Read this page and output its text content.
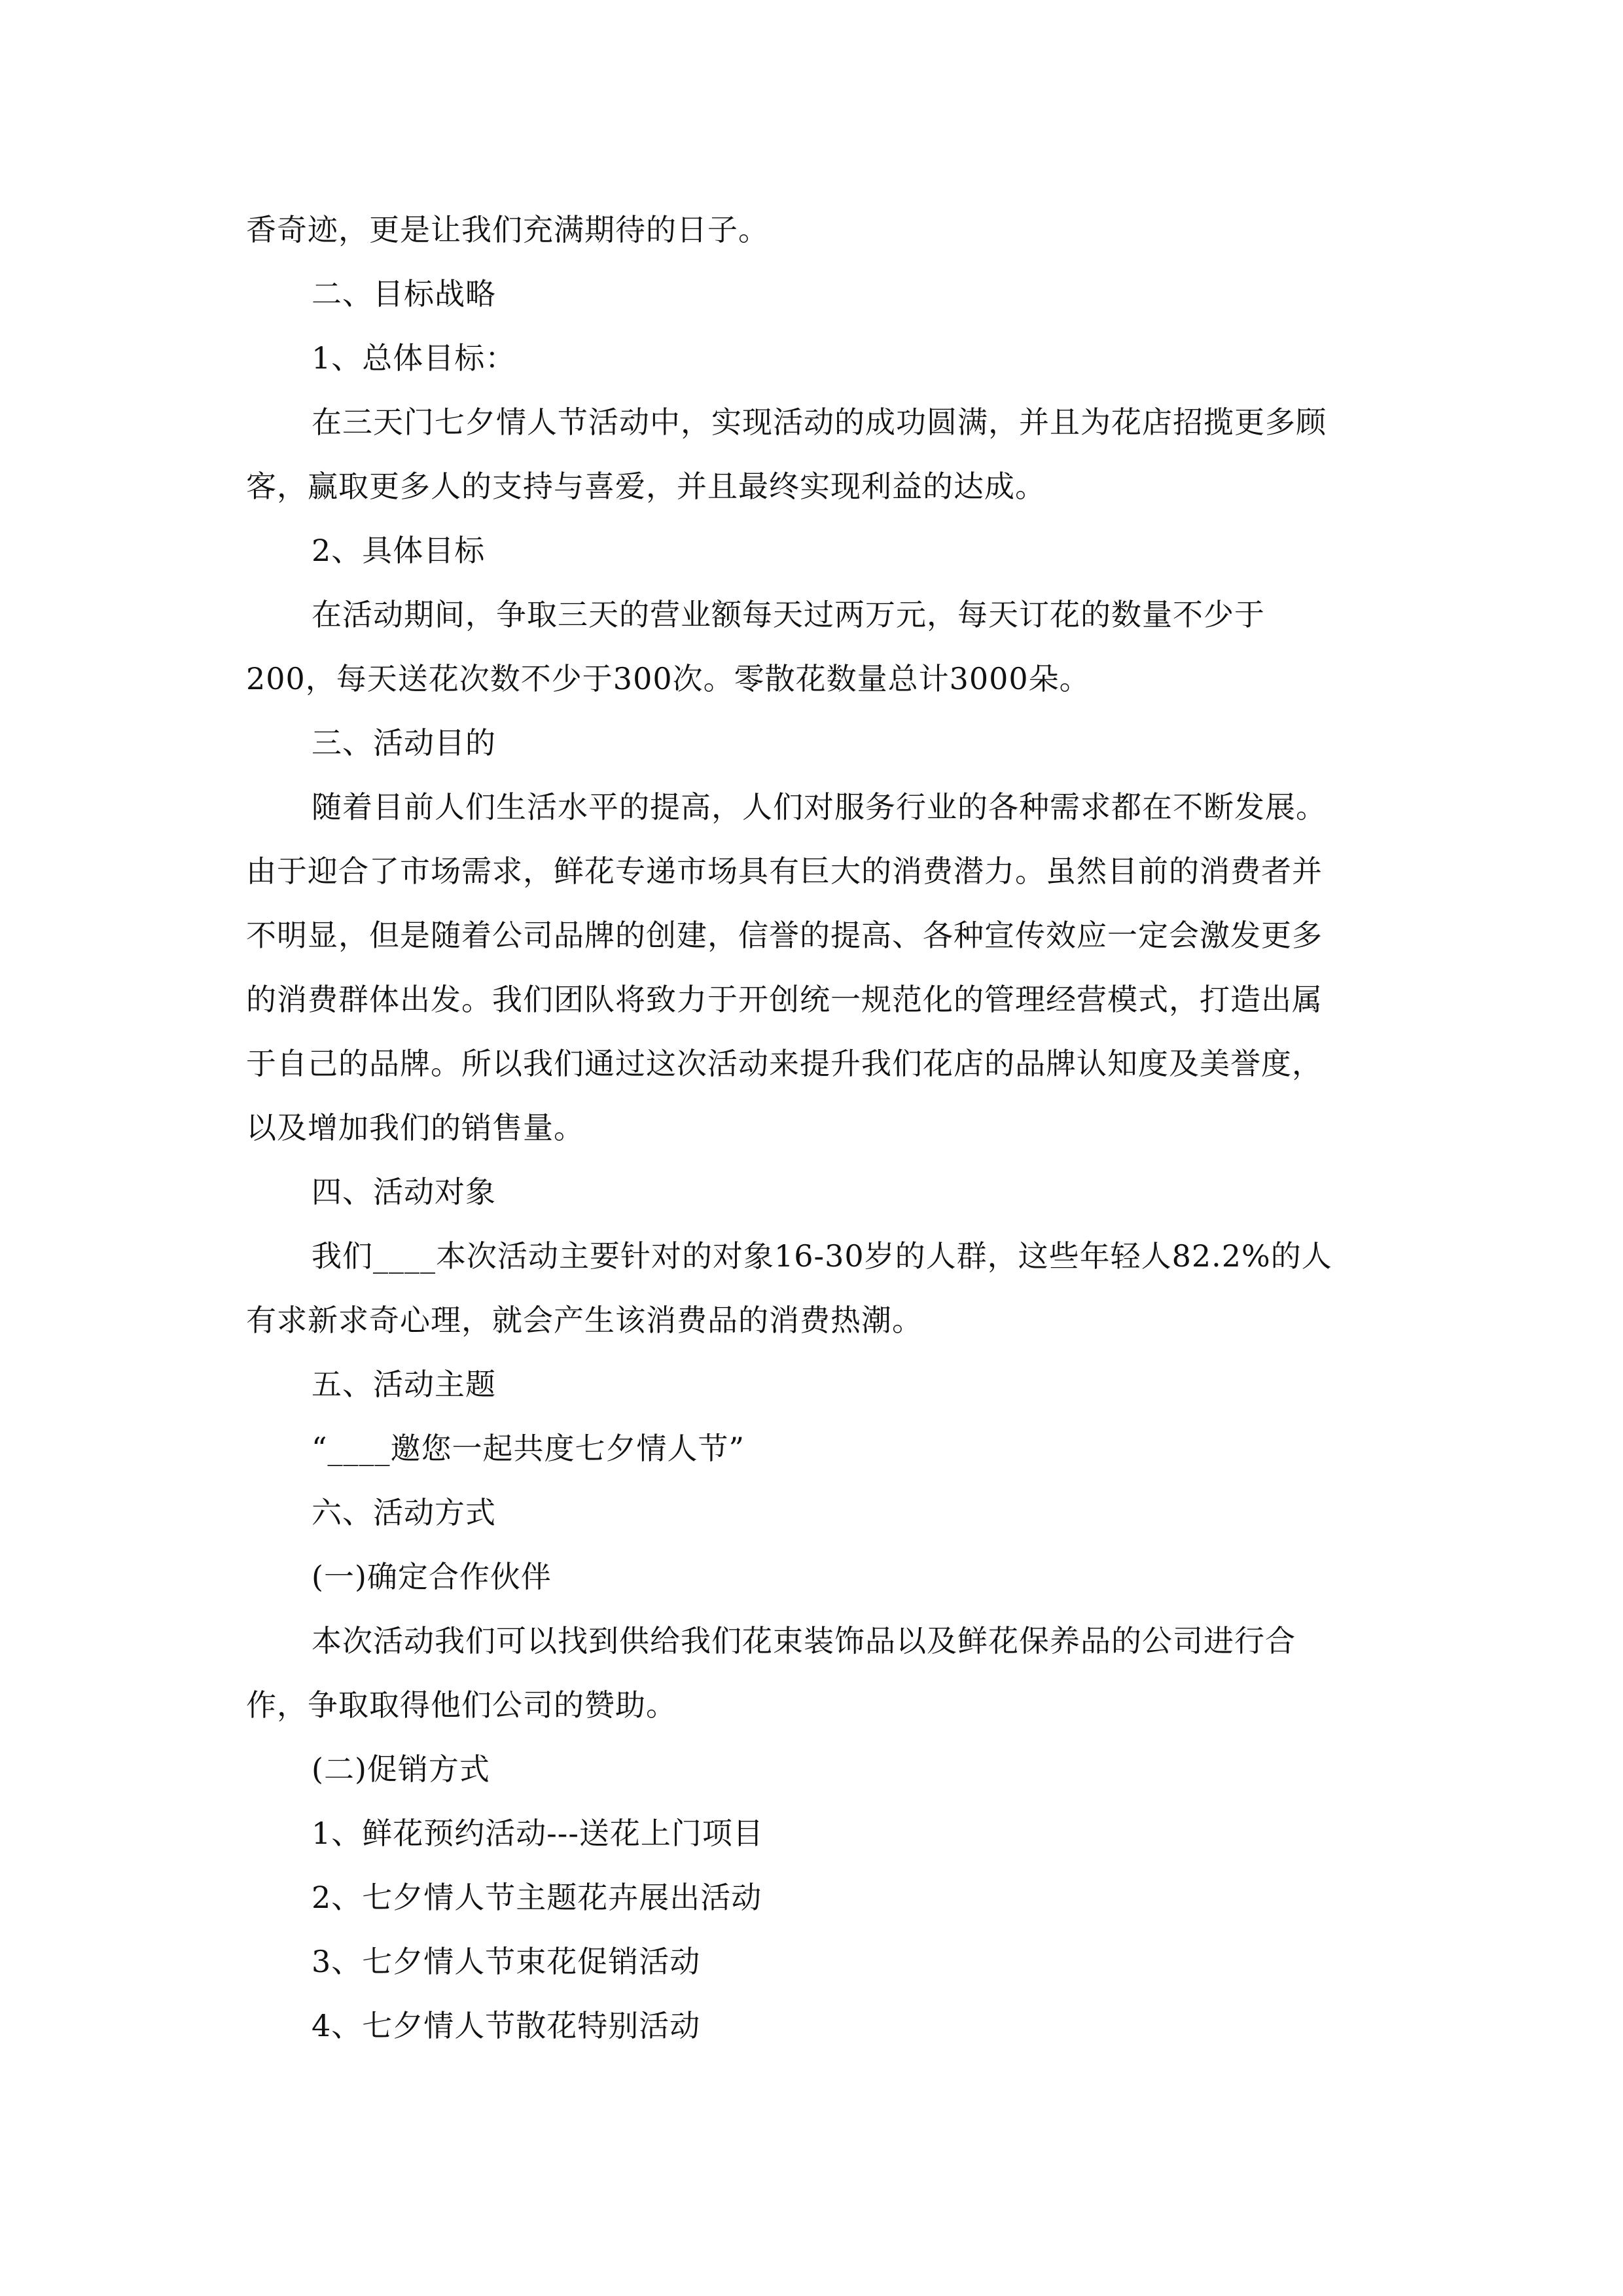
香奇迹，更是让我们充满期待的日子。
二、目标战略
1、总体目标：
在三天门七夕情人节活动中，实现活动的成功圆满，并且为花店招揽更多顾
客，赢取更多人的支持与喜爱，并且最终实现利益的达成。
2、具体目标
在活动期间，争取三天的营业额每天过两万元，每天订花的数量不少于
200，每天送花次数不少于300次。零散花数量总计3000朵。
三、活动目的
随着目前人们生活水平的提高，人们对服务行业的各种需求都在不断发展。
由于迎合了市场需求，鲜花专递市场具有巨大的消费潜力。虽然目前的消费者并
不明显，但是随着公司品牌的创建，信誉的提高、各种宣传效应一定会激发更多
的消费群体出发。我们团队将致力于开创统一规范化的管理经营模式，打造出属
于自己的品牌。所以我们通过这次活动来提升我们花店的品牌认知度及美誉度，
以及增加我们的销售量。
四、活动对象
我们____本次活动主要针对的对象16-30岁的人群，这些年轻人82.2%的人
有求新求奇心理，就会产生该消费品的消费热潮。
五、活动主题
“____邀您一起共度七夕情人节”
六、活动方式
(一)确定合作伙伴
本次活动我们可以找到供给我们花束装饰品以及鲜花保养品的公司进行合
作，争取取得他们公司的赞助。
(二)促销方式
1、鲜花预约活动---送花上门项目
2、七夕情人节主题花卉展出活动
3、七夕情人节束花促销活动
4、七夕情人节散花特别活动
